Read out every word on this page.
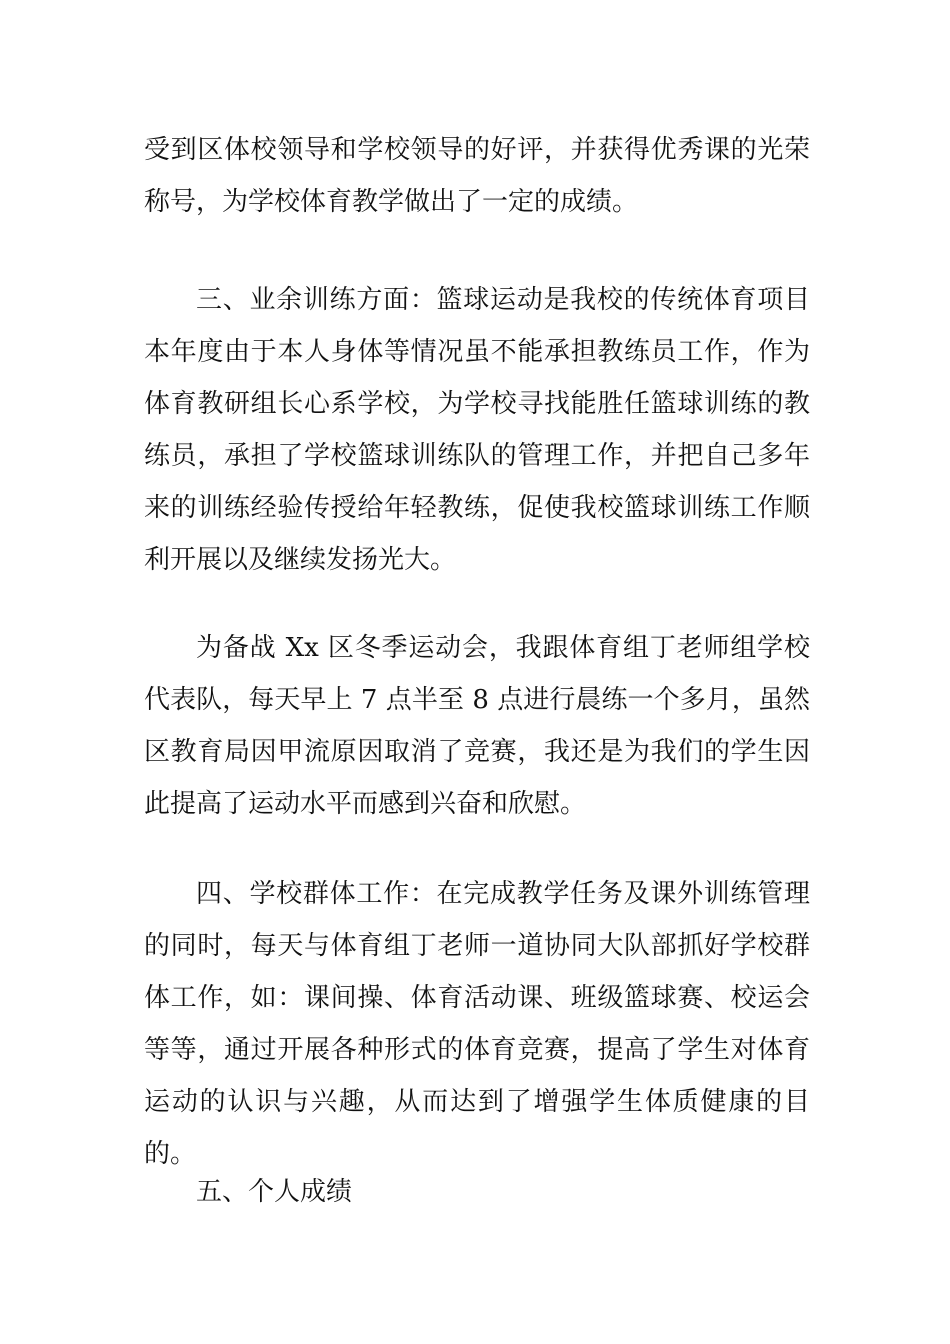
受到区体校领导和学校领导的好评，并获得优秀课的光荣称号，为学校体育教学做出了一定的成绩。

三、业余训练方面：篮球运动是我校的传统体育项目本年度由于本人身体等情况虽不能承担教练员工作，作为体育教研组长心系学校，为学校寻找能胜任篮球训练的教练员，承担了学校篮球训练队的管理工作，并把自己多年来的训练经验传授给年轻教练，促使我校篮球训练工作顺利开展以及继续发扬光大。

为备战 Xx 区冬季运动会，我跟体育组丁老师组学校代表队，每天早上 7 点半至 8 点进行晨练一个多月，虽然区教育局因甲流原因取消了竞赛，我还是为我们的学生因此提高了运动水平而感到兴奋和欣慰。

四、学校群体工作：在完成教学任务及课外训练管理的同时，每天与体育组丁老师一道协同大队部抓好学校群体工作，如：课间操、体育活动课、班级篮球赛、校运会等等，通过开展各种形式的体育竞赛，提高了学生对体育运动的认识与兴趣，从而达到了增强学生体质健康的目的。

五、个人成绩
